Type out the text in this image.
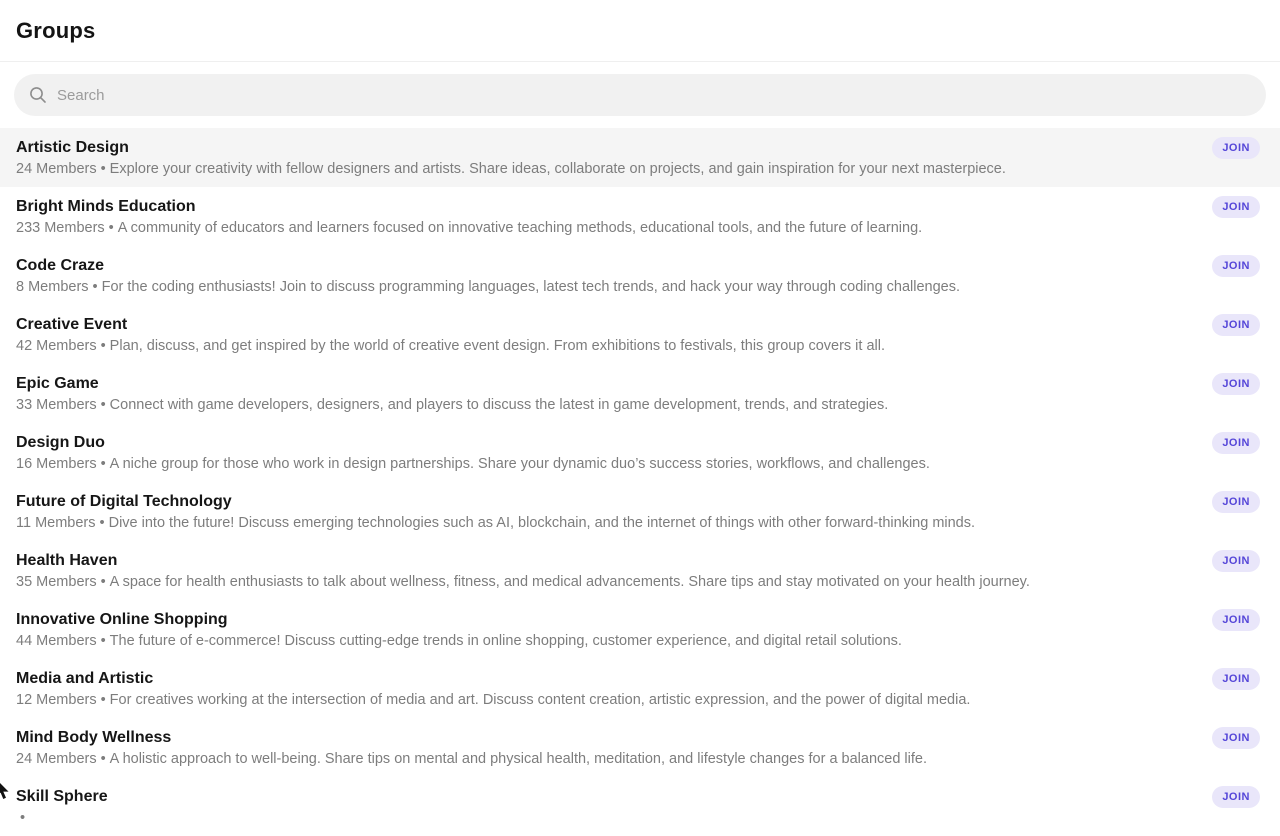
Groups
Search
Artistic Design
24 Members • Explore your creativity with fellow designers and artists. Share ideas, collaborate on projects, and gain inspiration for your next masterpiece.
JOIN
Bright Minds Education
233 Members • A community of educators and learners focused on innovative teaching methods, educational tools, and the future of learning.
JOIN
Code Craze
8 Members • For the coding enthusiasts! Join to discuss programming languages, latest tech trends, and hack your way through coding challenges.
JOIN
Creative Event
42 Members • Plan, discuss, and get inspired by the world of creative event design. From exhibitions to festivals, this group covers it all.
JOIN
Epic Game
33 Members • Connect with game developers, designers, and players to discuss the latest in game development, trends, and strategies.
JOIN
Design Duo
16 Members • A niche group for those who work in design partnerships. Share your dynamic duo’s success stories, workflows, and challenges.
JOIN
Future of Digital Technology
11 Members • Dive into the future! Discuss emerging technologies such as AI, blockchain, and the internet of things with other forward-thinking minds.
JOIN
Health Haven
35 Members • A space for health enthusiasts to talk about wellness, fitness, and medical advancements. Share tips and stay motivated on your health journey.
JOIN
Innovative Online Shopping
44 Members • The future of e-commerce! Discuss cutting-edge trends in online shopping, customer experience, and digital retail solutions.
JOIN
Media and Artistic
12 Members • For creatives working at the intersection of media and art. Discuss content creation, artistic expression, and the power of digital media.
JOIN
Mind Body Wellness
24 Members • A holistic approach to well-being. Share tips on mental and physical health, meditation, and lifestyle changes for a balanced life.
JOIN
Skill Sphere
•
JOIN
